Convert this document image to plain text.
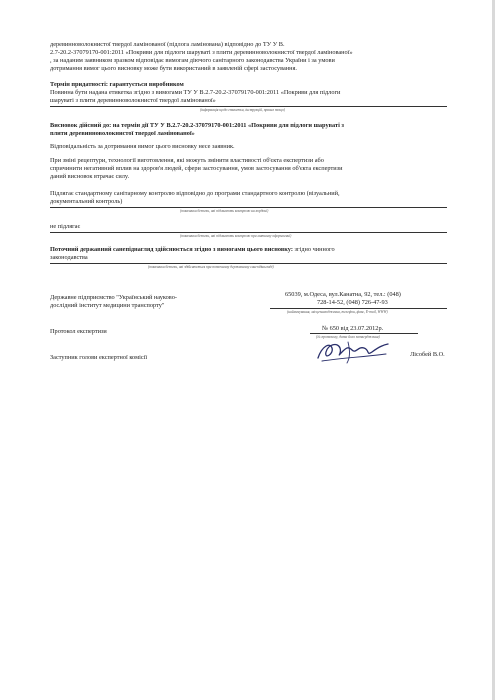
деревинноволокнистої твердої ламінованої (підлога ламінована) відповідно до ТУ У В.
2.7-20.2-37079170-001:2011 «Покриви для підлоги шаруваті з плити деревинноволокнистої твердої ламінованої»
, за наданим заявником зразком відповідає вимогам діючого санітарного законодавства України і за умови
дотримання вимог цього висновку може бути використаний в заявленій сфері застосування.
Термін придатності: гарантується виробником
Повинна бути надана етикетка згідно з вимогами ТУ У В.2.7-20.2-37079170-001:2011 «Покриви для підлоги
шаруваті з плити деревинноволокнистої твердої ламінованої»
(інформація щодо етикетки, інструкцій, правил тощо)
Висновок дійсний до: на термін дії ТУ У В.2.7-20.2-37079170-001:2011 «Покриви для підлоги шаруваті з
плити деревинноволокнистої твердої ламінованої»
Відповідальність за дотримання вимог цього висновку несе заявник.
При зміні рецептури, технології виготовлення, які можуть змінити властивості об'єкта експертизи або
спричинити негативний вплив на здоров'я людей, сфери застосування, умов застосування об'єкта експертизи
даний висновок втрачає силу.
Підлягає стандартному санітарному контролю відповідно до програми стандартного контролю (візуальний,
документальний контроль)
(показники безпеки, які підлягають контролю на кордоні)
не підлягає
(показники безпеки, які підлягають контролю при митному оформленні)
Поточний державний санепіднагляд здійснюється згідно з вимогами цього висновку: згідно чинного
законодавства
(показники безпеки, які здійснюється при поточному державному санепіднагляді)
Державне підприємство "Український науково-
дослідний інститут медицини транспорту"
65039, м.Одеса, вул.Канатна, 92, тел.: (048)
728-14-52, (048) 726-47-93
(найменування, місцезнаходження, телефон, факс, E-mail, WWW)
Протокол експертизи	№ 650 від 23.07.2012р.
(№ протоколу, дата його затвердження)
Заступник голови експертної комісії	Лісобей В.О.
